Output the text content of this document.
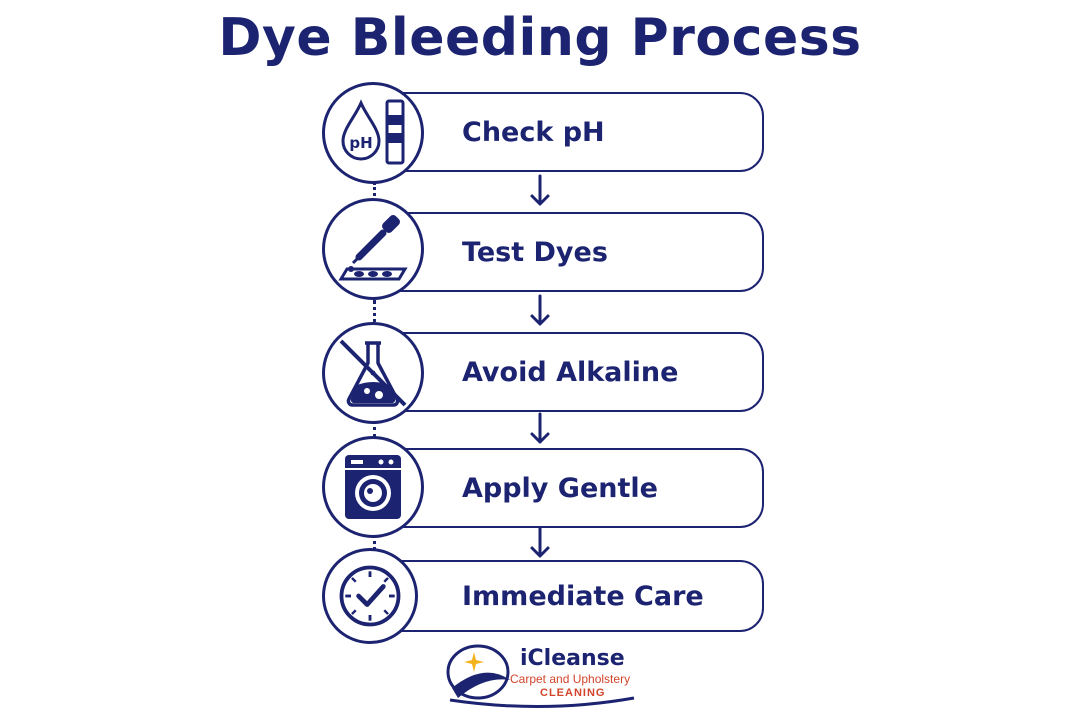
Dye Bleeding Process
pH	Check pH
Test Dyes
Avoid Alkaline
Apply Gentle
Immediate Care
iCleanse
Carpet and Upholstery
CLEANING
